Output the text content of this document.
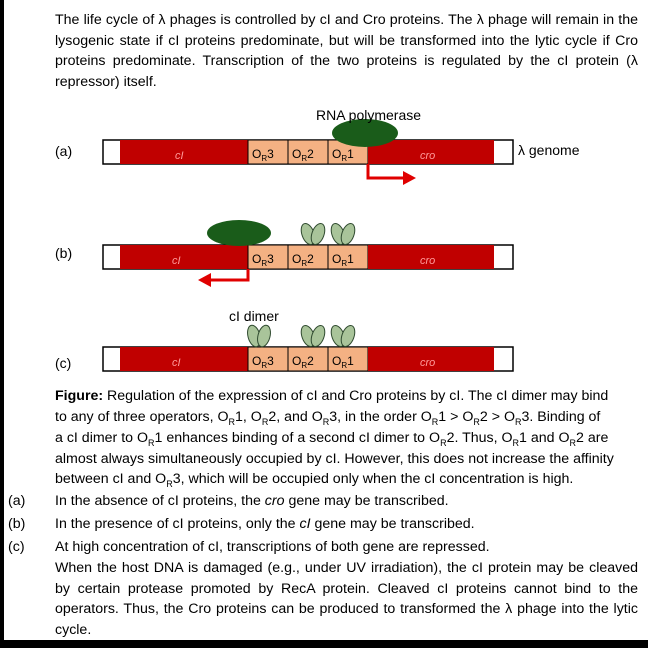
The life cycle of λ phages is controlled by cI and Cro proteins. The λ phage will remain in the lysogenic state if cI proteins predominate, but will be transformed into the lytic cycle if Cro proteins predominate. Transcription of the two proteins is regulated by the cI protein (λ repressor) itself.

(a)	cI	cro
$O_R3$ $O_R2$ $O_R1$
RNA polymerase
λ genome
(b)	cI	cro
$O_R3$ $O_R2$ $O_R1$
(c)	cI	cro
$O_R3$ $O_R2$ $O_R1$
cI dimer

Figure: Regulation of the expression of cI and Cro proteins by cI. The cI dimer may bind

to any of three operators, $O_R1$, $O_R2$, and $O_R3$, in the order $O_R1 > O_R2 > O_R3$. Binding of

a cI dimer to $O_R1$ enhances binding of a second cI dimer to $O_R2$. Thus, $O_R1$ and $O_R2$ are

almost always simultaneously occupied by cI. However, this does not increase the affinity

between cI and $O_R3$, which will be occupied only when the cI concentration is high.

(a) In the absence of cI proteins, the cro gene may be transcribed.
(b) In the presence of cI proteins, only the cI gene may be transcribed.
(c) At high concentration of cI, transcriptions of both gene are repressed.

When the host DNA is damaged (e.g., under UV irradiation), the cI protein may be cleaved by certain protease promoted by RecA protein. Cleaved cI proteins cannot bind to the operators. Thus, the Cro proteins can be produced to transformed the λ phage into the lytic cycle.
